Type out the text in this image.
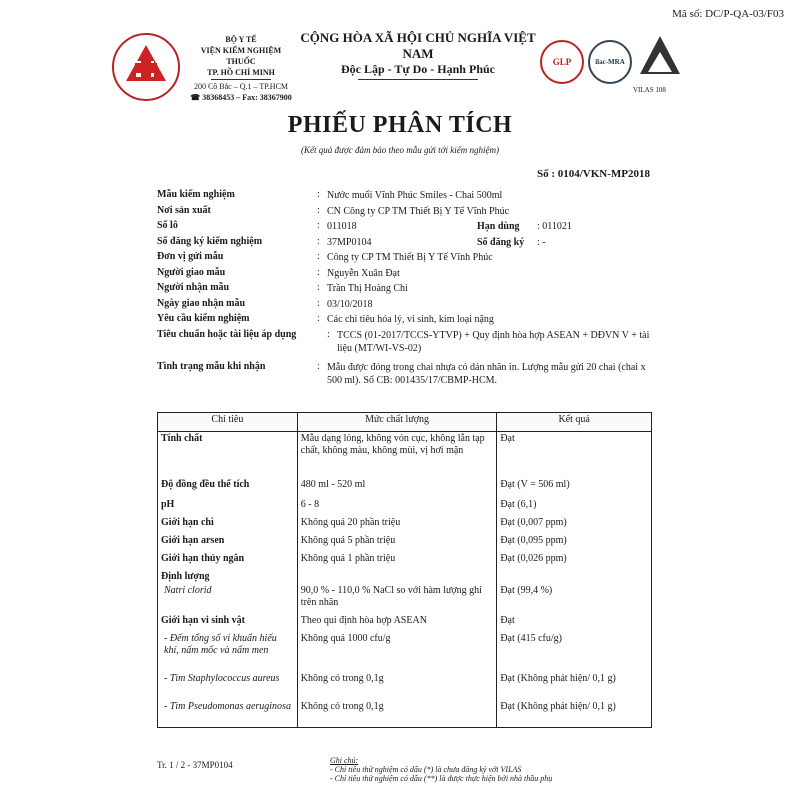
Mã số: DC/P-QA-03/F03
BỘ Y TẾ
VIỆN KIỂM NGHIỆM THUỐC
TP. HỒ CHÍ MINH
200 Cô Bắc – Q.1 – TP.HCM
☎ 38368453 – Fax: 38367900
CỘNG HÒA XÃ HỘI CHỦ NGHĨA VIỆT NAM
Độc Lập - Tự Do - Hạnh Phúc	GLP	ilac-MRA
VILAS 108
PHIẾU PHÂN TÍCH
(Kết quả được đảm bảo theo mẫu gửi tới kiểm nghiệm)
Số : 0104/VKN-MP2018
Mẫu kiểm nghiệm	: Nước muối Vĩnh Phúc Smiles - Chai 500ml
Nơi sản xuất	: CN Công ty CP TM Thiết Bị Y Tế Vĩnh Phúc
Số lô	: 011018	Hạn dùng	: 011021
Số đăng ký kiểm nghiệm	: 37MP0104	Số đăng ký	: -
Đơn vị gửi mẫu	: Công ty CP TM Thiết Bị Y Tế Vĩnh Phúc
Người giao mẫu	: Nguyễn Xuân Đạt
Người nhận mẫu	: Trần Thị Hoàng Chi
Ngày giao nhận mẫu	: 03/10/2018
Yêu cầu kiểm nghiệm	: Các chỉ tiêu hóa lý, vi sinh, kim loại nặng
Tiêu chuẩn hoặc tài liệu áp dụng	: TCCS (01-2017/TCCS-YTVP) + Quy định hòa hợp ASEAN + DĐVN V + tài liệu (MT/WI-VS-02)
Tình trạng mẫu khi nhận	: Mẫu được đóng trong chai nhựa có dán nhãn in. Lượng mẫu gửi 20 chai (chai x 500 ml). Số CB: 001435/17/CBMP-HCM.
Chỉ tiêu	Mức chất lượng	Kết quả
Tính chất	Mẫu dạng lỏng, không vón cục, không lẫn tạp chất, không màu, không mùi, vị hơi mặn	Đạt
Độ đồng đều thể tích	480 ml - 520 ml	Đạt (V = 506 ml)
pH	6 - 8	Đạt (6,1)
Giới hạn chì	Không quá 20 phần triệu	Đạt (0,007 ppm)
Giới hạn arsen	Không quá 5 phần triệu	Đạt (0,095 ppm)
Giới hạn thủy ngân	Không quá 1 phần triệu	Đạt (0,026 ppm)
Định lượng		
Natri clorid	90,0 % - 110,0 % NaCl so với hàm lượng ghi trên nhãn	Đạt (99,4 %)
Giới hạn vi sinh vật	Theo qui định hòa hợp ASEAN	Đạt
- Đếm tổng số vi khuẩn hiếu khí, nấm mốc và nấm men	Không quá 1000 cfu/g	Đạt (415 cfu/g)
- Tìm Staphylococcus aureus	Không có trong 0,1g	Đạt (Không phát hiện/ 0,1 g)
- Tìm Pseudomonas aeruginosa	Không có trong 0,1g	Đạt (Không phát hiện/ 0,1 g)
Tr. 1 / 2 - 37MP0104	Ghi chú:
- Chỉ tiêu thử nghiệm có dấu (*) là chưa đăng ký với VILAS
- Chỉ tiêu thử nghiệm có dấu (**) là được thực hiện bởi nhà thầu phụ
